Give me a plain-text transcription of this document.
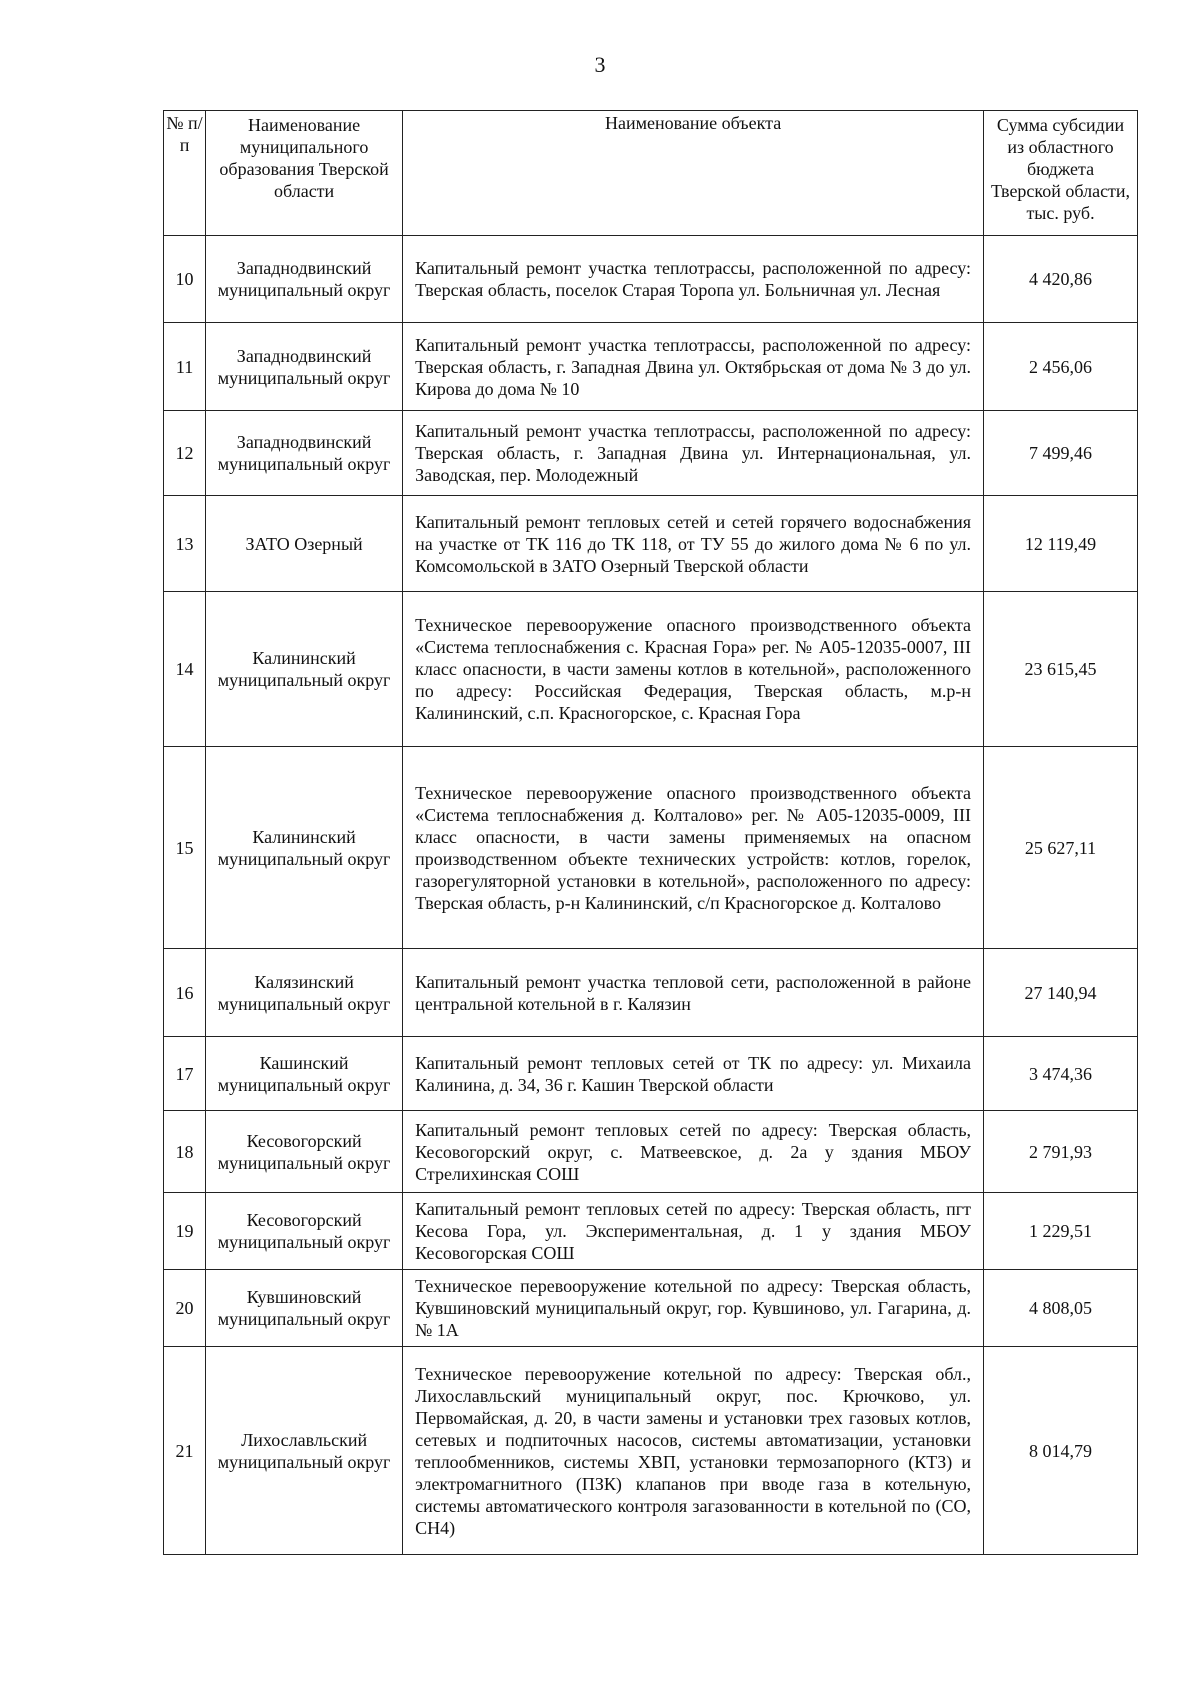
3
№ п/п	Наименование муниципального образования Тверской области	Наименование объекта	Сумма субсидии из областного бюджета Тверской области, тыс. руб.
10	Западнодвинский муниципальный округ	Капитальный ремонт участка теплотрассы, расположенной по адресу: Тверская область, поселок Старая Торопа ул. Больничная ул. Лесная	4 420,86
11	Западнодвинский муниципальный округ	Капитальный ремонт участка теплотрассы, расположенной по адресу: Тверская область, г. Западная Двина ул. Октябрьская от дома № 3 до ул. Кирова до дома № 10	2 456,06
12	Западнодвинский муниципальный округ	Капитальный ремонт участка теплотрассы, расположенной по адресу: Тверская область, г. Западная Двина ул. Интернациональная, ул. Заводская, пер. Молодежный	7 499,46
13	ЗАТО Озерный	Капитальный ремонт тепловых сетей и сетей горячего водоснабжения на участке от ТК 116 до ТК 118, от ТУ 55 до жилого дома № 6 по ул. Комсомольской в ЗАТО Озерный Тверской области	12 119,49
14	Калининский муниципальный округ	Техническое перевооружение опасного производственного объекта «Система теплоснабжения с. Красная Гора» рег. № А05-12035-0007, III класс опасности, в части замены котлов в котельной», расположенного по адресу: Российская Федерация, Тверская область, м.р-н Калининский, с.п. Красногорское, с. Красная Гора	23 615,45
15	Калининский муниципальный округ	Техническое перевооружение опасного производственного объекта «Система теплоснабжения д. Колталово» рег. № А05-12035-0009, III класс опасности, в части замены применяемых на опасном производственном объекте технических устройств: котлов, горелок, газорегуляторной установки в котельной», расположенного по адресу: Тверская область, р-н Калининский, с/п Красногорское д. Колталово	25 627,11
16	Калязинский муниципальный округ	Капитальный ремонт участка тепловой сети, расположенной в районе центральной котельной в г. Калязин	27 140,94
17	Кашинский муниципальный округ	Капитальный ремонт тепловых сетей от ТК по адресу: ул. Михаила Калинина, д. 34, 36 г. Кашин Тверской области	3 474,36
18	Кесовогорский муниципальный округ	Капитальный ремонт тепловых сетей по адресу: Тверская область, Кесовогорский округ, с. Матвеевское, д. 2а у здания МБОУ Стрелихинская СОШ	2 791,93
19	Кесовогорский муниципальный округ	Капитальный ремонт тепловых сетей по адресу: Тверская область, пгт Кесова Гора, ул. Экспериментальная, д. 1 у здания МБОУ Кесовогорская СОШ	1 229,51
20	Кувшиновский муниципальный округ	Техническое перевооружение котельной по адресу: Тверская область, Кувшиновский муниципальный округ, гор. Кувшиново, ул. Гагарина, д. № 1А	4 808,05
21	Лихославльский муниципальный округ	Техническое перевооружение котельной по адресу: Тверская обл., Лихославльский муниципальный округ, пос. Крючково, ул. Первомайская, д. 20, в части замены и установки трех газовых котлов, сетевых и подпиточных насосов, системы автоматизации, установки теплообменников, системы ХВП, установки термозапорного (КТЗ) и электромагнитного (ПЗК) клапанов при вводе газа в котельную, системы автоматического контроля загазованности в котельной по (СО, СН4)	8 014,79
